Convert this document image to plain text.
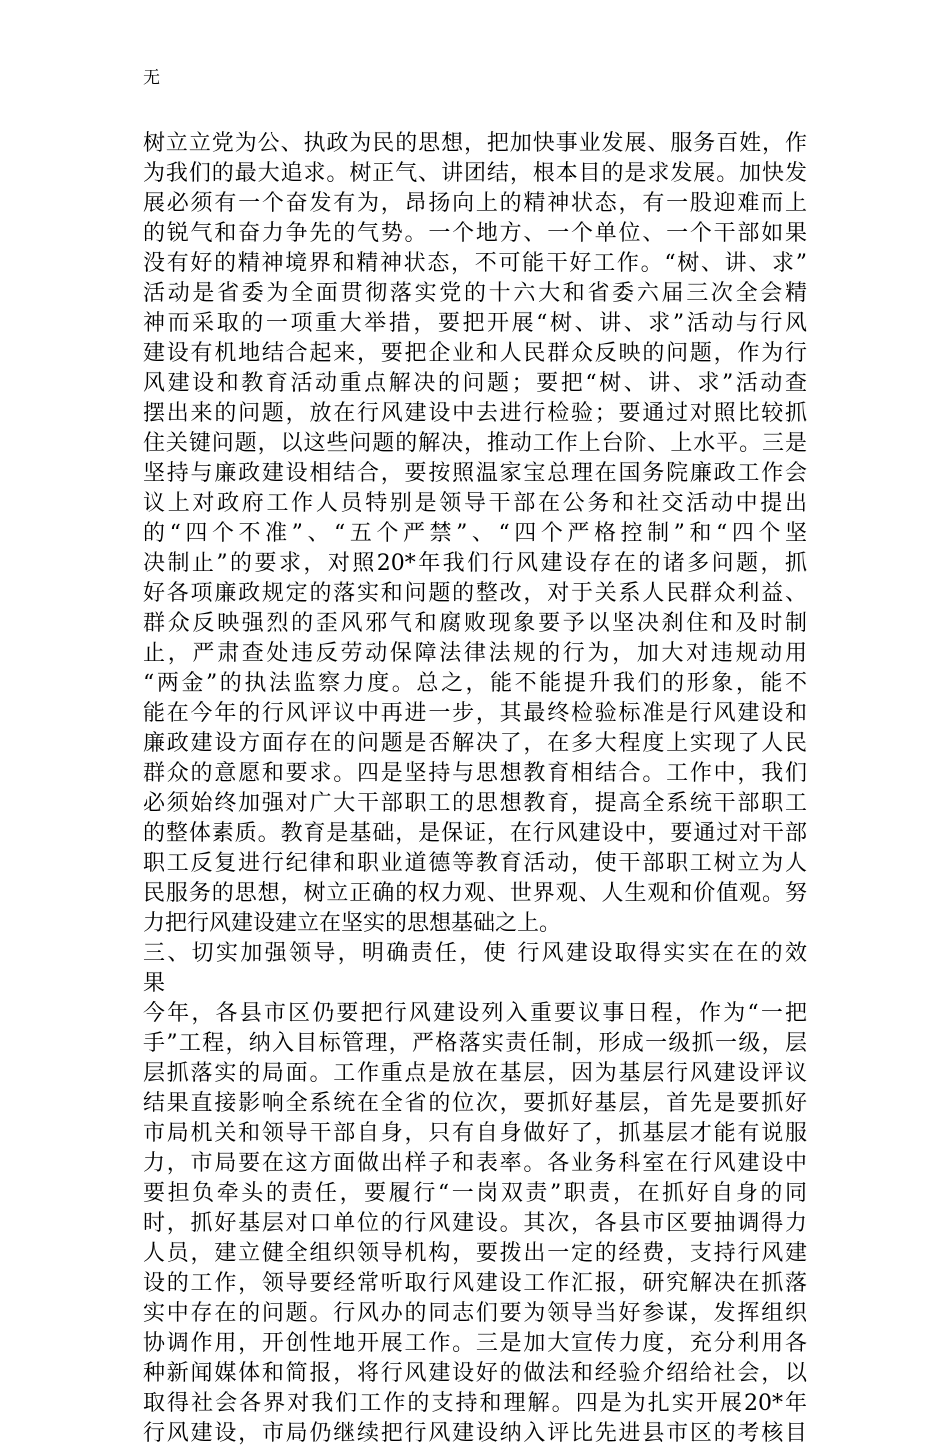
无
树立立党为公、执政为民的思想，把加快事业发展、服务百姓，作
为我们的最大追求。树正气、讲团结，根本目的是求发展。加快发
展必须有一个奋发有为，昂扬向上的精神状态，有一股迎难而上
的锐气和奋力争先的气势。一个地方、一个单位、一个干部如果
没有好的精神境界和精神状态，不可能干好工作。“树、讲、求”
活动是省委为全面贯彻落实党的十六大和省委六届三次全会精
神而采取的一项重大举措，要把开展“树、讲、求”活动与行风
建设有机地结合起来，要把企业和人民群众反映的问题，作为行
风建设和教育活动重点解决的问题；要把“树、讲、求”活动查
摆出来的问题，放在行风建设中去进行检验；要通过对照比较抓
住关键问题，以这些问题的解决，推动工作上台阶、上水平。三是
坚持与廉政建设相结合，要按照温家宝总理在国务院廉政工作会
议上对政府工作人员特别是领导干部在公务和社交活动中提出
的“四个不准”、“五个严禁”、“四个严格控制”和“四个坚
决制止”的要求，对照20*年我们行风建设存在的诸多问题，抓
好各项廉政规定的落实和问题的整改，对于关系人民群众利益、
群众反映强烈的歪风邪气和腐败现象要予以坚决刹住和及时制
止，严肃查处违反劳动保障法律法规的行为，加大对违规动用
“两金”的执法监察力度。总之，能不能提升我们的形象，能不
能在今年的行风评议中再进一步，其最终检验标准是行风建设和
廉政建设方面存在的问题是否解决了，在多大程度上实现了人民
群众的意愿和要求。四是坚持与思想教育相结合。工作中，我们
必须始终加强对广大干部职工的思想教育，提高全系统干部职工
的整体素质。教育是基础，是保证，在行风建设中，要通过对干部
职工反复进行纪律和职业道德等教育活动，使干部职工树立为人
民服务的思想，树立正确的权力观、世界观、人生观和价值观。努
力把行风建设建立在坚实的思想基础之上。
三、切实加强领导，明确责任，使 行风建设取得实实在在的效
果
今年，各县市区仍要把行风建设列入重要议事日程，作为“一把
手”工程，纳入目标管理，严格落实责任制，形成一级抓一级，层
层抓落实的局面。工作重点是放在基层，因为基层行风建设评议
结果直接影响全系统在全省的位次，要抓好基层，首先是要抓好
市局机关和领导干部自身，只有自身做好了，抓基层才能有说服
力，市局要在这方面做出样子和表率。各业务科室在行风建设中
要担负牵头的责任，要履行“一岗双责”职责，在抓好自身的同
时，抓好基层对口单位的行风建设。其次，各县市区要抽调得力
人员，建立健全组织领导机构，要拨出一定的经费，支持行风建
设的工作，领导要经常听取行风建设工作汇报，研究解决在抓落
实中存在的问题。行风办的同志们要为领导当好参谋，发挥组织
协调作用，开创性地开展工作。三是加大宣传力度，充分利用各
种新闻媒体和简报，将行风建设好的做法和经验介绍给社会，以
取得社会各界对我们工作的支持和理解。四是为扎实开展20*年
行风建设，市局仍继续把行风建设纳入评比先进县市区的考核目
